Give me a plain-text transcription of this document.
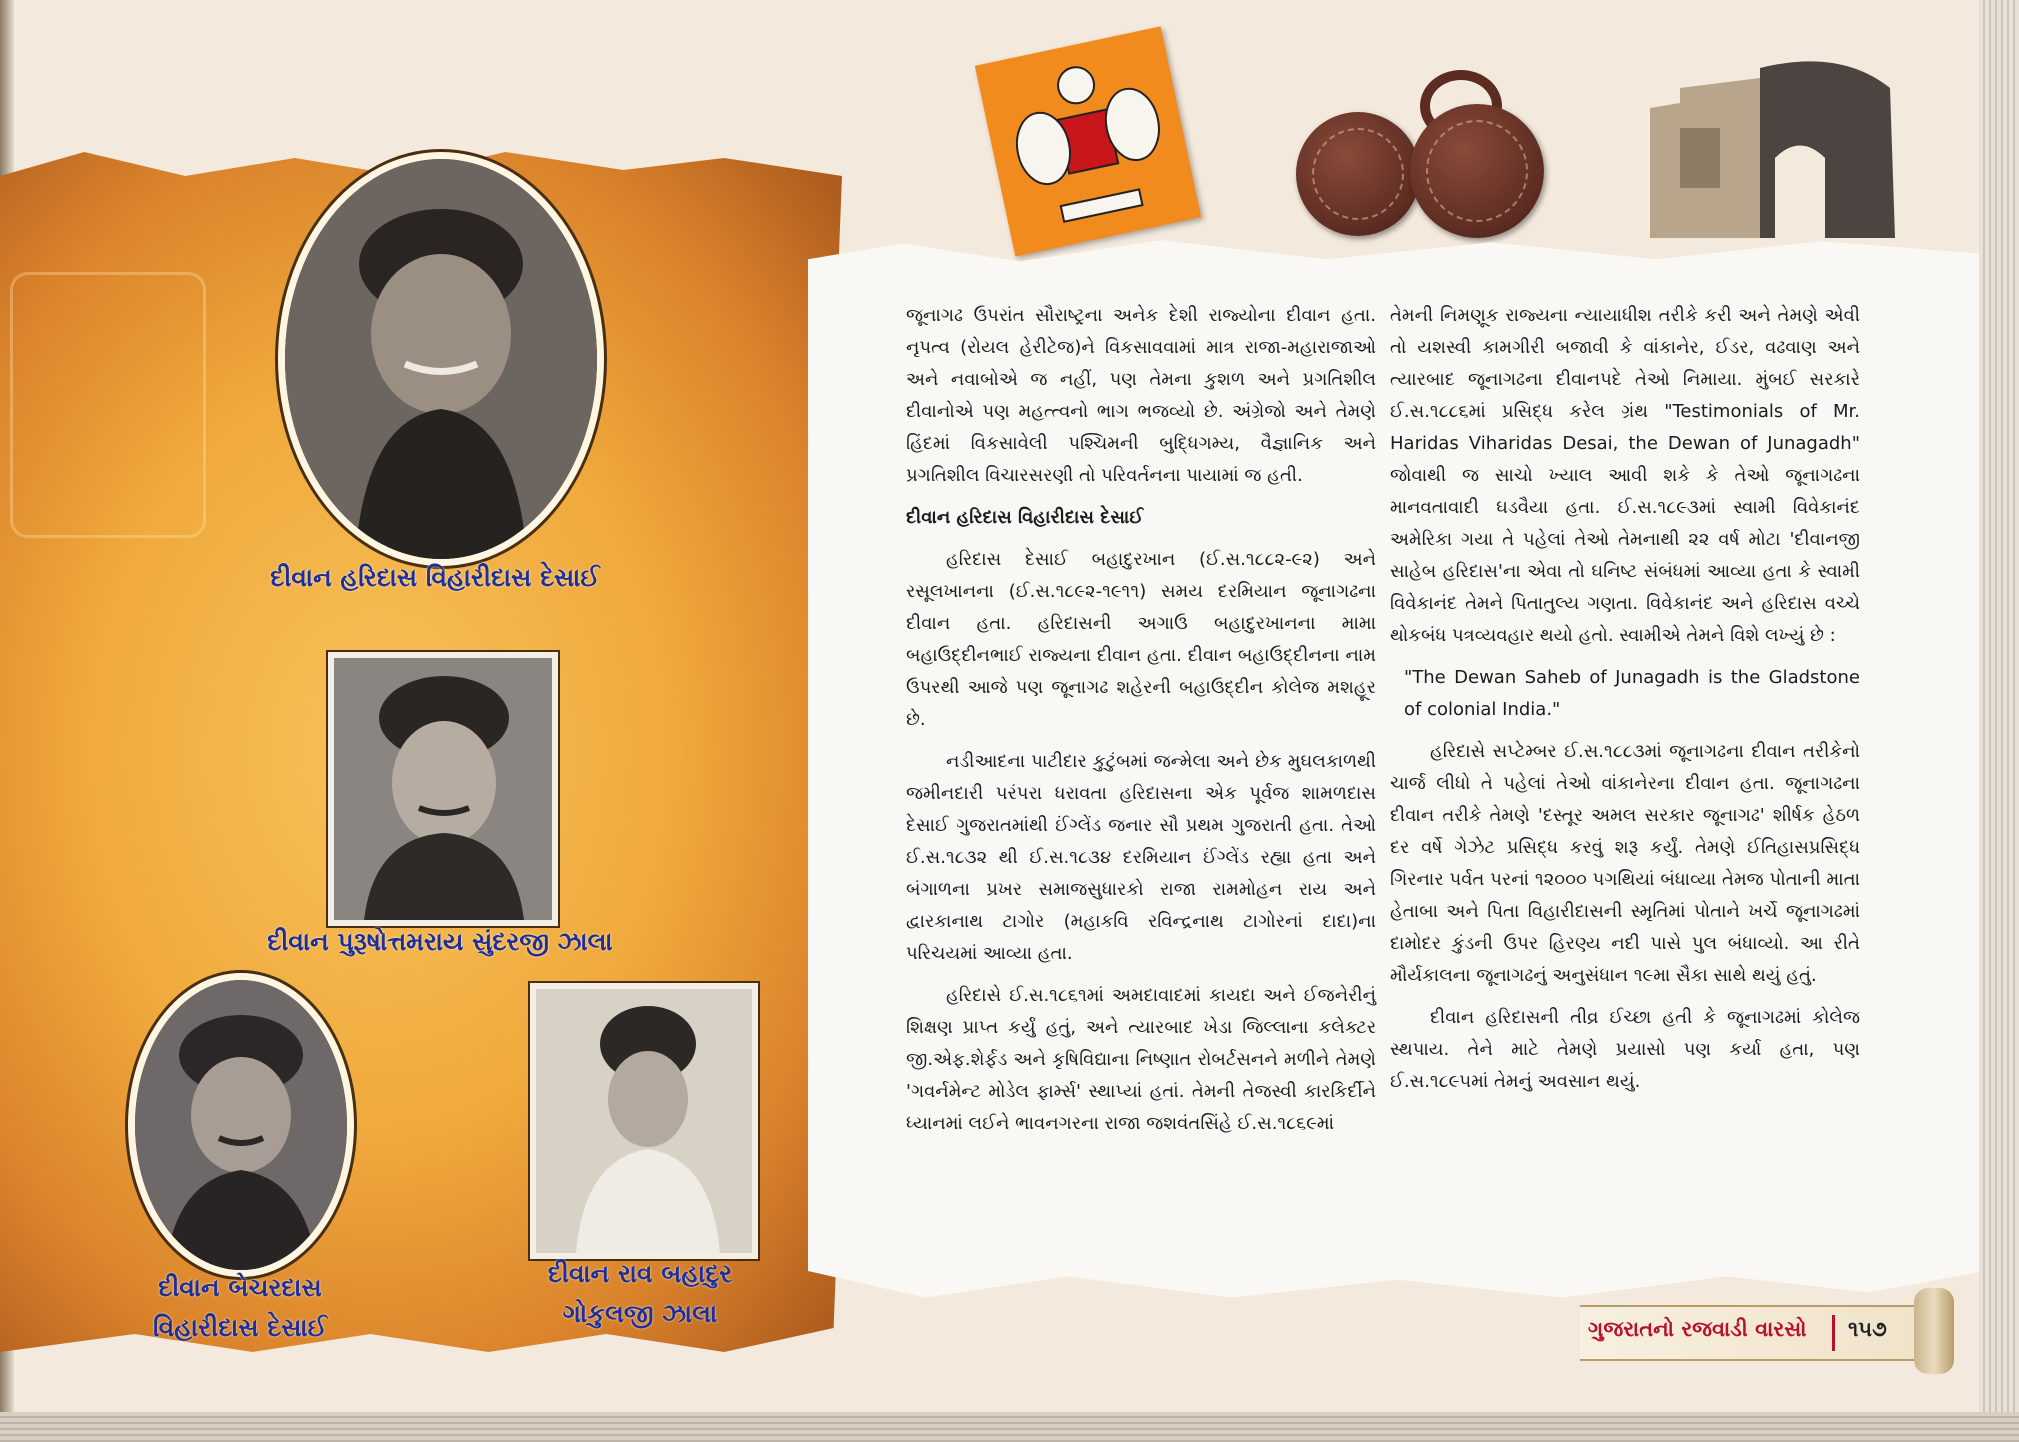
દીવાન હરિદાસ વિહારીદાસ દેસાઈ
દીવાન પુરૂષોત્તમરાય સુંદરજી ઝાલા
દીવાન બેચરદાસ
વિહારીદાસ દેસાઈ
દીવાન રાવ બહાદુર
ગોકુલજી ઝાલા

જૂનાગઢ ઉપરાંત સૌરાષ્ટ્રના અનેક દેશી રાજ્યોના દીવાન હતા. નૃપત્વ (રોયલ હેરીટેજ)ને વિકસાવવામાં માત્ર રાજા-મહારાજાઓ અને નવાબોએ જ નહીં, પણ તેમના કુશળ અને પ્રગતિશીલ દીવાનોએ પણ મહત્ત્વનો ભાગ ભજવ્યો છે. અંગ્રેજો અને તેમણે હિંદમાં વિકસાવેલી પશ્ચિમની બુદ્ધિગમ્ય, વૈજ્ઞાનિક અને પ્રગતિશીલ વિચારસરણી તો પરિવર્તનના પાયામાં જ હતી.

દીવાન હરિદાસ વિહારીદાસ દેસાઈ

હરિદાસ દેસાઈ બહાદુરખાન (ઈ.સ.૧૮૮૨-૯૨) અને રસૂલખાનના (ઈ.સ.૧૮૯૨-૧૯૧૧) સમય દરમિયાન જૂનાગઢના દીવાન હતા. હરિદાસની અગાઉ બહાદુરખાનના મામા બહાઉદ્દીનભાઈ રાજ્યના દીવાન હતા. દીવાન બહાઉદ્દીનના નામ ઉપરથી આજે પણ જૂનાગઢ શહેરની બહાઉદ્દીન કોલેજ મશહૂર છે.

નડીઆદના પાટીદાર કુટુંબમાં જન્મેલા અને છેક મુઘલકાળથી જમીનદારી પરંપરા ધરાવતા હરિદાસના એક પૂર્વજ શામળદાસ દેસાઈ ગુજરાતમાંથી ઈંગ્લેંડ જનાર સૌ પ્રથમ ગુજરાતી હતા. તેઓ ઈ.સ.૧૮૩૨ થી ઈ.સ.૧૮૩૪ દરમિયાન ઈંગ્લેંડ રહ્યા હતા અને બંગાળના પ્રખર સમાજસુધારકો રાજા રામમોહન રાય અને દ્વારકાનાથ ટાગોર (મહાકવિ રવિન્દ્રનાથ ટાગોરનાં દાદા)ના પરિચયમાં આવ્યા હતા.

હરિદાસે ઈ.સ.૧૮૬૧માં અમદાવાદમાં કાયદા અને ઈજનેરીનું શિક્ષણ પ્રાપ્ત કર્યું હતું, અને ત્યારબાદ ખેડા જિલ્લાના કલેક્ટર જી.એફ.શેર્ફડ અને કૃષિવિદ્યાના નિષ્ણાત રોબર્ટસનને મળીને તેમણે 'ગવર્નમેન્ટ મોડેલ ફાર્મ્સ' સ્થાપ્યાં હતાં. તેમની તેજસ્વી કારકિર્દીને ધ્યાનમાં લઈને ભાવનગરના રાજા જશવંતસિંહે ઈ.સ.૧૮૬૯માં

તેમની નિમણૂક રાજ્યના ન્યાયાધીશ તરીકે કરી અને તેમણે એવી તો યશસ્વી કામગીરી બજાવી કે વાંકાનેર, ઈડર, વઢવાણ અને ત્યારબાદ જૂનાગઢના દીવાનપદે તેઓ નિમાયા. મુંબઈ સરકારે ઈ.સ.૧૮૮૬માં પ્રસિદ્ધ કરેલ ગ્રંથ "Testimonials of Mr. Haridas Viharidas Desai, the Dewan of Junagadh" જોવાથી જ સાચો ખ્યાલ આવી શકે કે તેઓ જૂનાગઢના માનવતાવાદી ઘડવૈયા હતા. ઈ.સ.૧૮૯૩માં સ્વામી વિવેકાનંદ અમેરિકા ગયા તે પહેલાં તેઓ તેમનાથી ૨૨ વર્ષ મોટા 'દીવાનજી સાહેબ હરિદાસ'ના એવા તો ઘનિષ્ટ સંબંધમાં આવ્યા હતા કે સ્વામી વિવેકાનંદ તેમને પિતાતુલ્ય ગણતા. વિવેકાનંદ અને હરિદાસ વચ્ચે થોકબંધ પત્રવ્યવહાર થયો હતો. સ્વામીએ તેમને વિશે લખ્યું છે :

"The Dewan Saheb of Junagadh is the Gladstone of colonial India."

હરિદાસે સપ્ટેમ્બર ઈ.સ.૧૮૮૩માં જૂનાગઢના દીવાન તરીકેનો ચાર્જ લીધો તે પહેલાં તેઓ વાંકાનેરના દીવાન હતા. જૂનાગઢના દીવાન તરીકે તેમણે 'દસ્તૂર અમલ સરકાર જૂનાગઢ' શીર્ષક હેઠળ દર વર્ષે ગેઝેટ પ્રસિદ્ધ કરવું શરૂ કર્યું. તેમણે ઈતિહાસપ્રસિદ્ધ ગિરનાર પર્વત પરનાં ૧૨૦૦૦ પગથિયાં બંધાવ્યા તેમજ પોતાની માતા હેતાબા અને પિતા વિહારીદાસની સ્મૃતિમાં પોતાને ખર્ચે જૂનાગઢમાં દામોદર કુંડની ઉપર હિરણ્ય નદી પાસે પુલ બંધાવ્યો. આ રીતે મૌર્યકાલના જૂનાગઢનું અનુસંધાન ૧૯મા સૈકા સાથે થયું હતું.

દીવાન હરિદાસની તીવ્ર ઈચ્છા હતી કે જૂનાગઢમાં કોલેજ સ્થપાય. તેને માટે તેમણે પ્રયાસો પણ કર્યા હતા, પણ ઈ.સ.૧૮૯૫માં તેમનું અવસાન થયું.

ગુજરાતનો રજવાડી વારસો ૧૫૭
